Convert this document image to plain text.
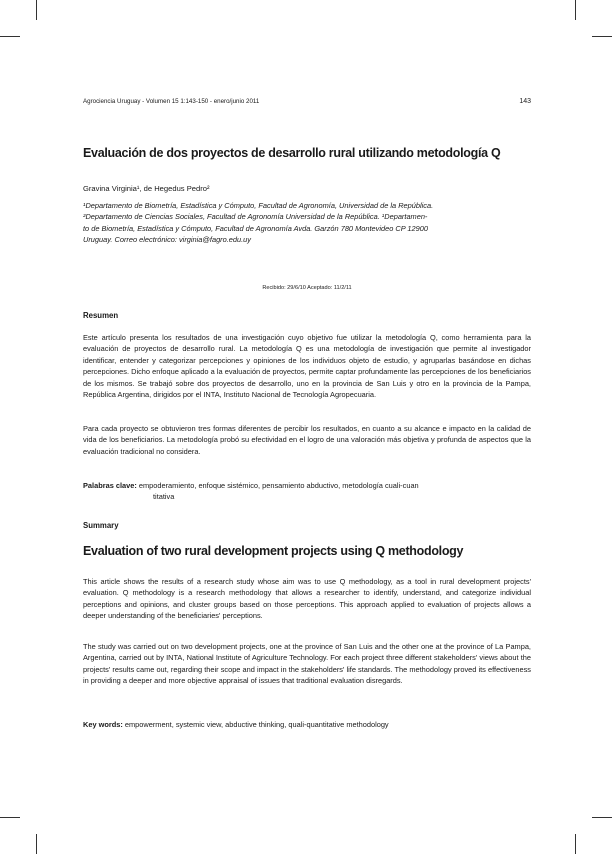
Agrociencia Uruguay - Volumen 15 1:143-150 - enero/junio 2011	143
Evaluación de dos proyectos de desarrollo rural utilizando metodología Q
Gravina Virginia¹, de Hegedus Pedro²
¹Departamento de Biometría, Estadística y Cómputo, Facultad de Agronomía, Universidad de la República.
²Departamento de Ciencias Sociales, Facultad de Agronomía Universidad de la República. ¹Departamen-
to de Biometría, Estadística y Cómputo, Facultad de Agronomía Avda. Garzón 780 Montevideo CP 12900
Uruguay. Correo electrónico: virginia@fagro.edu.uy
Recibido: 29/6/10 Aceptado: 11/2/11
Resumen

Este artículo presenta los resultados de una investigación cuyo objetivo fue utilizar la metodología Q, como herramienta para la evaluación de proyectos de desarrollo rural. La metodología Q es una metodología de investigación que permite al investigador identificar, entender y categorizar percepciones y opiniones de los individuos objeto de estudio, y agruparlas basándose en dichas percepciones. Dicho enfoque aplicado a la evaluación de proyectos, permite captar profundamente las percepciones de los beneficiarios de los mismos. Se trabajó sobre dos proyectos de desarrollo, uno en la provincia de San Luis y otro en la provincia de la Pampa, República Argentina, dirigidos por el INTA, Instituto Nacional de Tecnología Agropecuaria.

Para cada proyecto se obtuvieron tres formas diferentes de percibir los resultados, en cuanto a su alcance e impacto en la calidad de vida de los beneficiarios. La metodología probó su efectividad en el logro de una valoración más objetiva y profunda de aspectos que la evaluación tradicional no considera.

Palabras clave: empoderamiento, enfoque sistémico, pensamiento abductivo, metodología cuali-cuan
titativa
Summary
Evaluation of two rural development projects using Q methodology

This article shows the results of a research study whose aim was to use Q methodology, as a tool in rural development projects' evaluation. Q methodology is a research methodology that allows a researcher to identify, understand, and categorize individual perceptions and opinions, and cluster groups based on those perceptions. This approach applied to evaluation of projects allows a deeper understanding of the beneficiaries' perceptions.

The study was carried out on two development projects, one at the province of San Luis and the other one at the province of La Pampa, Argentina, carried out by INTA, National Institute of Agriculture Technology. For each project three different stakeholders' views about the projects' results came out, regarding their scope and impact in the stakeholders' life standards. The methodology proved its effectiveness in providing a deeper and more objective appraisal of issues that traditional evaluation disregards.

Key words: empowerment, systemic view, abductive thinking, quali-quantitative methodology
